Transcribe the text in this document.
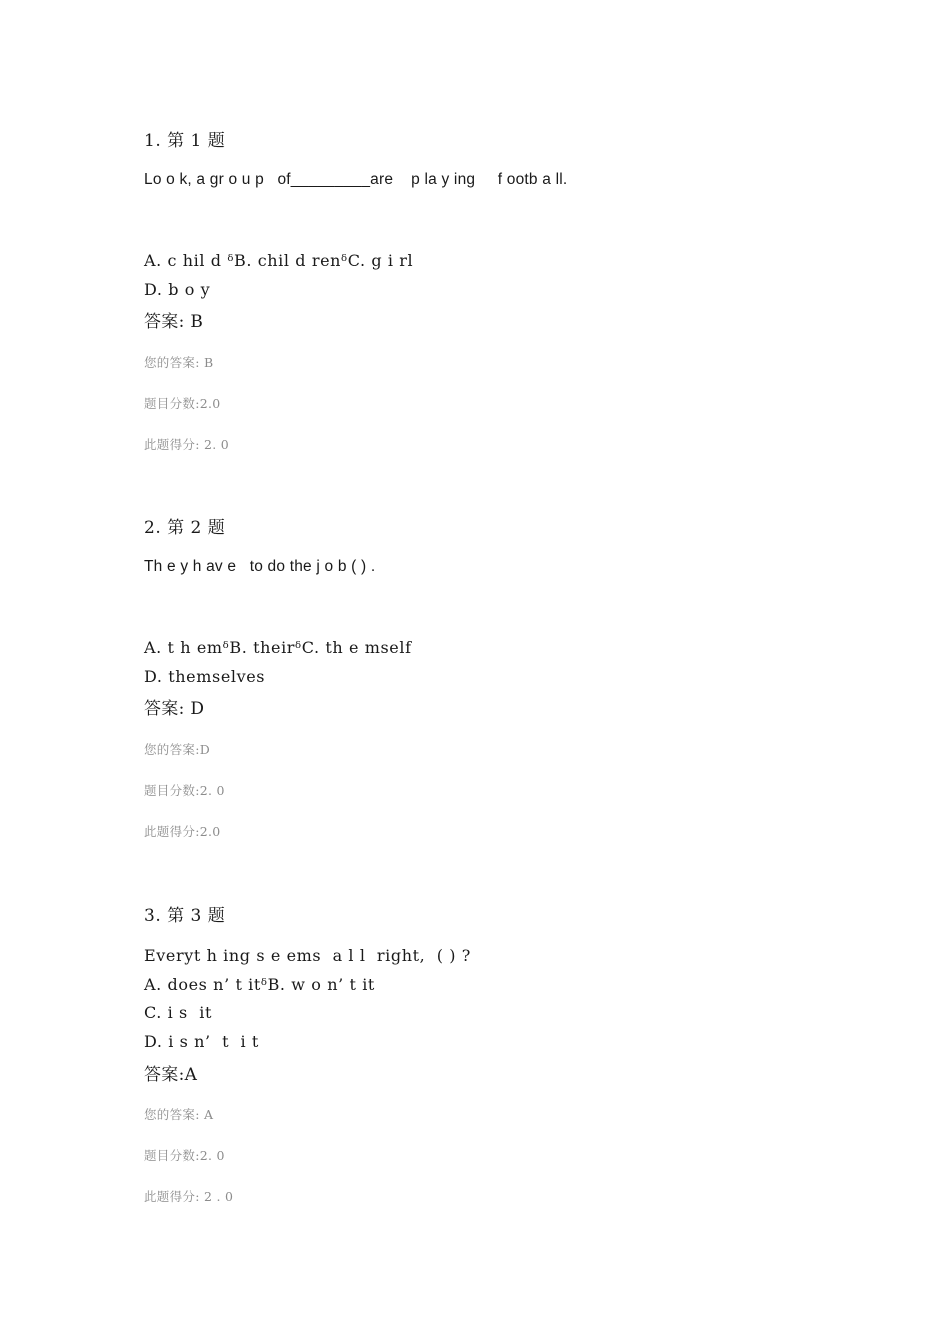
1. 第 1 题
Lo o k, a gr o u p   of_________are    p la y ing     f ootb a ll.
A. c hil d ᵟB. chil d renᵟC. g i rl
D. b o y
答案: B
您的答案: B
题目分数:2.0
此题得分: 2. 0
2. 第 2 题
Th e y h av e   to do the j o b ( ) .
A. t h emᵟB. theirᵟC. th e mself
D. themselves
答案: D
您的答案:D
题目分数:2. 0
此题得分:2.0
3. 第 3 题
Everyt h ing s e ems  a l l  right,  ( ) ?
A. does n’ t itᵟB. w o n’ t it
C. i s  it
D. i s n’  t  i t
答案:A
您的答案: A
题目分数:2. 0
此题得分: 2 . 0
